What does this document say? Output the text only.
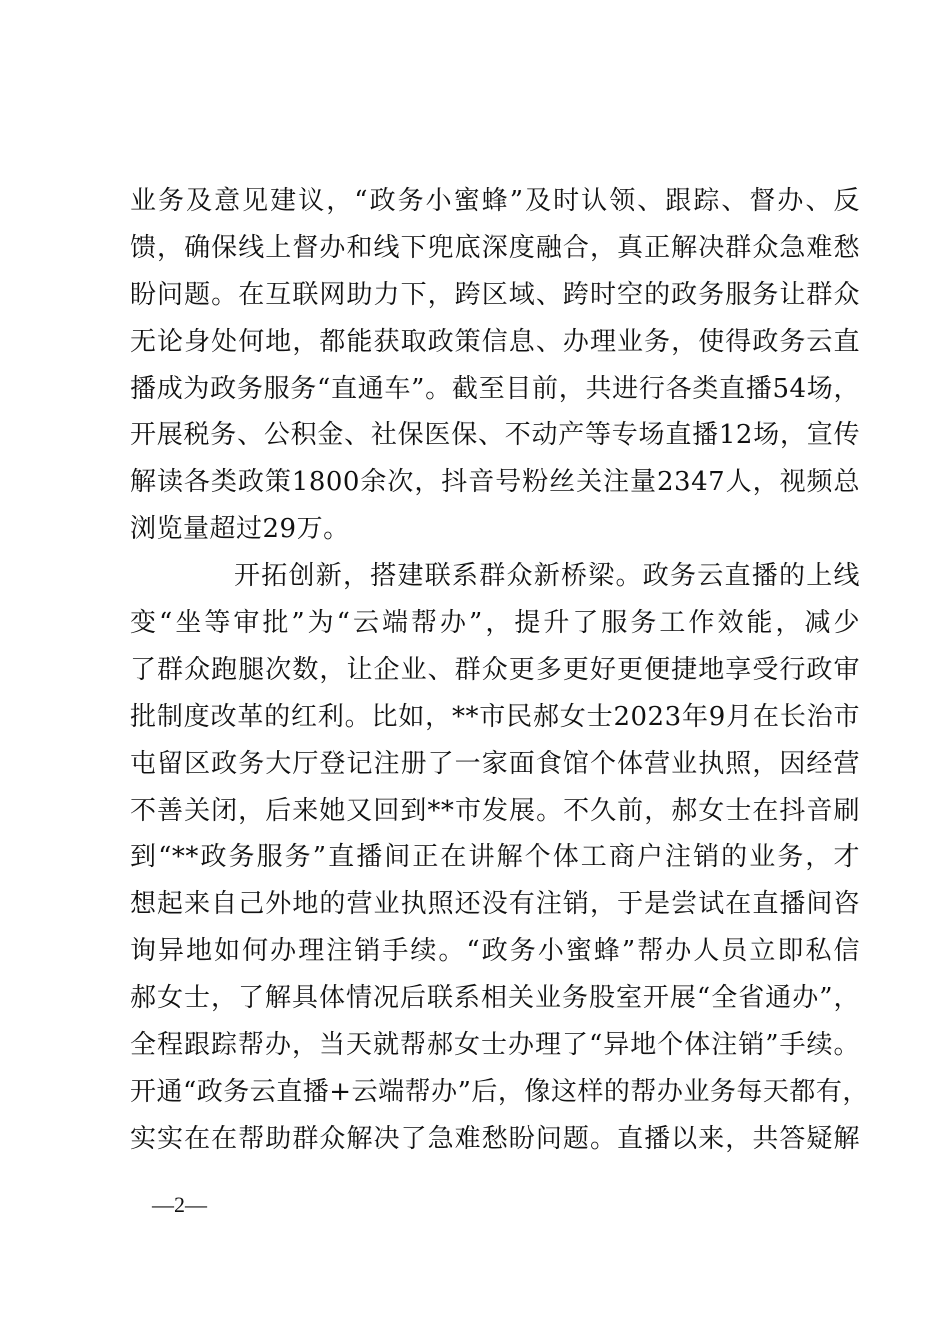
业务及意见建议，“政务小蜜蜂”及时认领、跟踪、督办、反
馈，确保线上督办和线下兜底深度融合，真正解决群众急难愁
盼问题。在互联网助力下，跨区域、跨时空的政务服务让群众
无论身处何地，都能获取政策信息、办理业务，使得政务云直
播成为政务服务“直通车”。截至目前，共进行各类直播54场，
开展税务、公积金、社保医保、不动产等专场直播12场，宣传
解读各类政策1800余次，抖音号粉丝关注量2347人，视频总
浏览量超过29万。
开拓创新，搭建联系群众新桥梁。政务云直播的上线
变“坐等审批”为“云端帮办”，提升了服务工作效能，减少
了群众跑腿次数，让企业、群众更多更好更便捷地享受行政审
批制度改革的红利。比如，**市民郝女士2023年9月在长治市
屯留区政务大厅登记注册了一家面食馆个体营业执照，因经营
不善关闭，后来她又回到**市发展。不久前，郝女士在抖音刷
到“**政务服务”直播间正在讲解个体工商户注销的业务，才
想起来自己外地的营业执照还没有注销，于是尝试在直播间咨
询异地如何办理注销手续。“政务小蜜蜂”帮办人员立即私信
郝女士，了解具体情况后联系相关业务股室开展“全省通办”，
全程跟踪帮办，当天就帮郝女士办理了“异地个体注销”手续。
开通“政务云直播+云端帮办”后，像这样的帮办业务每天都有，
实实在在帮助群众解决了急难愁盼问题。直播以来，共答疑解
—2—
